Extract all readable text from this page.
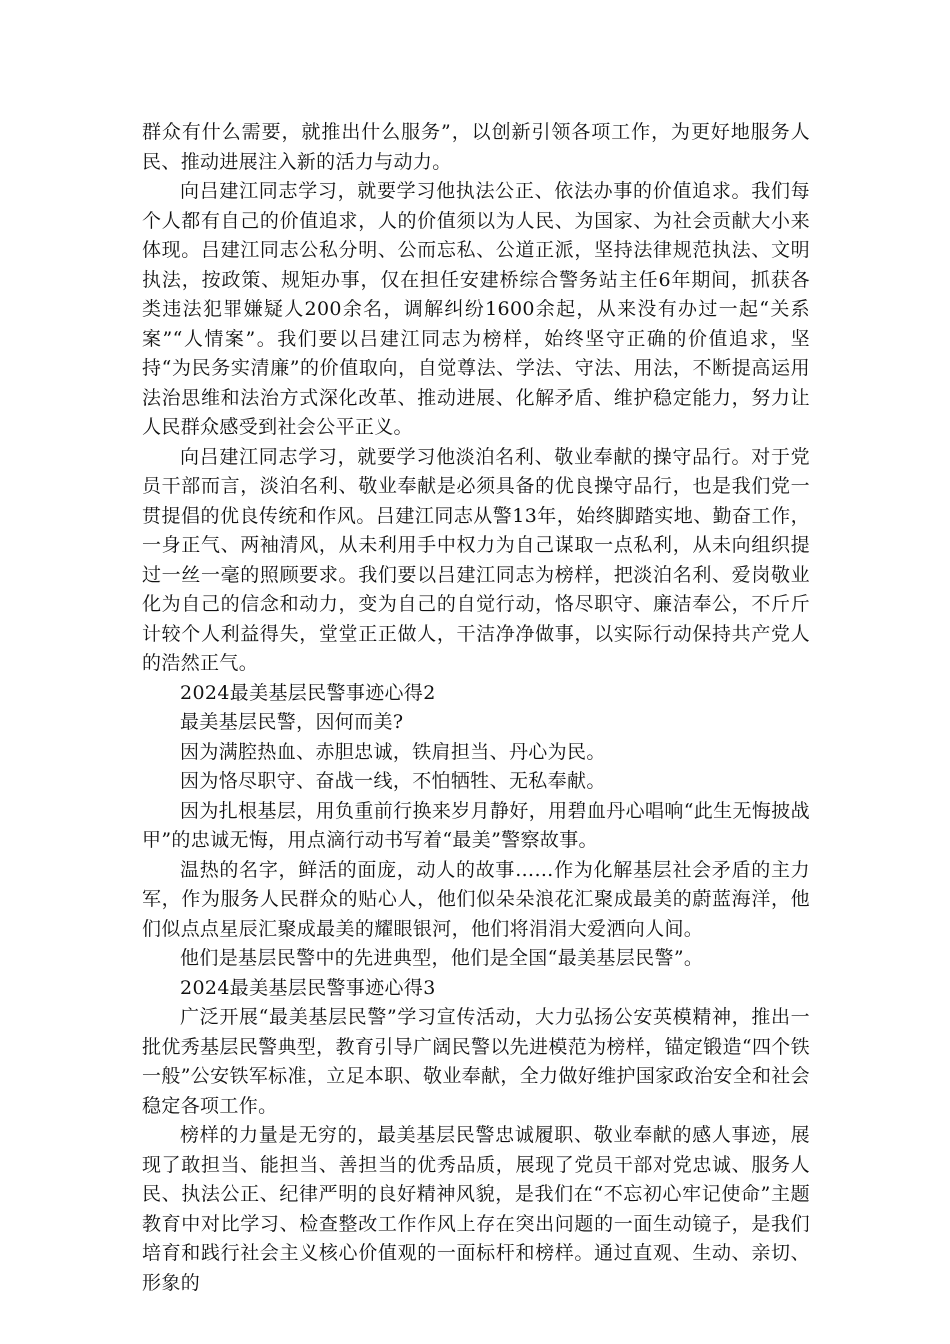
群众有什么需要，就推出什么服务”，以创新引领各项工作，为更好地服务人民、推动进展注入新的活力与动力。

向吕建江同志学习，就要学习他执法公正、依法办事的价值追求。我们每个人都有自己的价值追求，人的价值须以为人民、为国家、为社会贡献大小来体现。吕建江同志公私分明、公而忘私、公道正派，坚持法律规范执法、文明执法，按政策、规矩办事，仅在担任安建桥综合警务站主任6年期间，抓获各类违法犯罪嫌疑人200余名，调解纠纷1600余起，从来没有办过一起“关系案”“人情案”。我们要以吕建江同志为榜样，始终坚守正确的价值追求，坚持“为民务实清廉”的价值取向，自觉尊法、学法、守法、用法，不断提高运用法治思维和法治方式深化改革、推动进展、化解矛盾、维护稳定能力，努力让人民群众感受到社会公平正义。

向吕建江同志学习，就要学习他淡泊名利、敬业奉献的操守品行。对于党员干部而言，淡泊名利、敬业奉献是必须具备的优良操守品行，也是我们党一贯提倡的优良传统和作风。吕建江同志从警13年，始终脚踏实地、勤奋工作，一身正气、两袖清风，从未利用手中权力为自己谋取一点私利，从未向组织提过一丝一毫的照顾要求。我们要以吕建江同志为榜样，把淡泊名利、爱岗敬业化为自己的信念和动力，变为自己的自觉行动，恪尽职守、廉洁奉公，不斤斤计较个人利益得失，堂堂正正做人，干洁净净做事，以实际行动保持共产党人的浩然正气。

2024最美基层民警事迹心得2

最美基层民警，因何而美?

因为满腔热血、赤胆忠诚，铁肩担当、丹心为民。

因为恪尽职守、奋战一线，不怕牺牲、无私奉献。

因为扎根基层，用负重前行换来岁月静好，用碧血丹心唱响“此生无悔披战甲”的忠诚无悔，用点滴行动书写着“最美”警察故事。

温热的名字，鲜活的面庞，动人的故事……作为化解基层社会矛盾的主力军，作为服务人民群众的贴心人，他们似朵朵浪花汇聚成最美的蔚蓝海洋，他们似点点星辰汇聚成最美的耀眼银河，他们将涓涓大爱洒向人间。

他们是基层民警中的先进典型，他们是全国“最美基层民警”。

2024最美基层民警事迹心得3

广泛开展“最美基层民警”学习宣传活动，大力弘扬公安英模精神，推出一批优秀基层民警典型，教育引导广阔民警以先进模范为榜样，锚定锻造“四个铁一般”公安铁军标准，立足本职、敬业奉献，全力做好维护国家政治安全和社会稳定各项工作。

榜样的力量是无穷的，最美基层民警忠诚履职、敬业奉献的感人事迹，展现了敢担当、能担当、善担当的优秀品质，展现了党员干部对党忠诚、服务人民、执法公正、纪律严明的良好精神风貌，是我们在“不忘初心牢记使命”主题教育中对比学习、检查整改工作作风上存在突出问题的一面生动镜子，是我们培育和践行社会主义核心价值观的一面标杆和榜样。通过直观、生动、亲切、形象的
